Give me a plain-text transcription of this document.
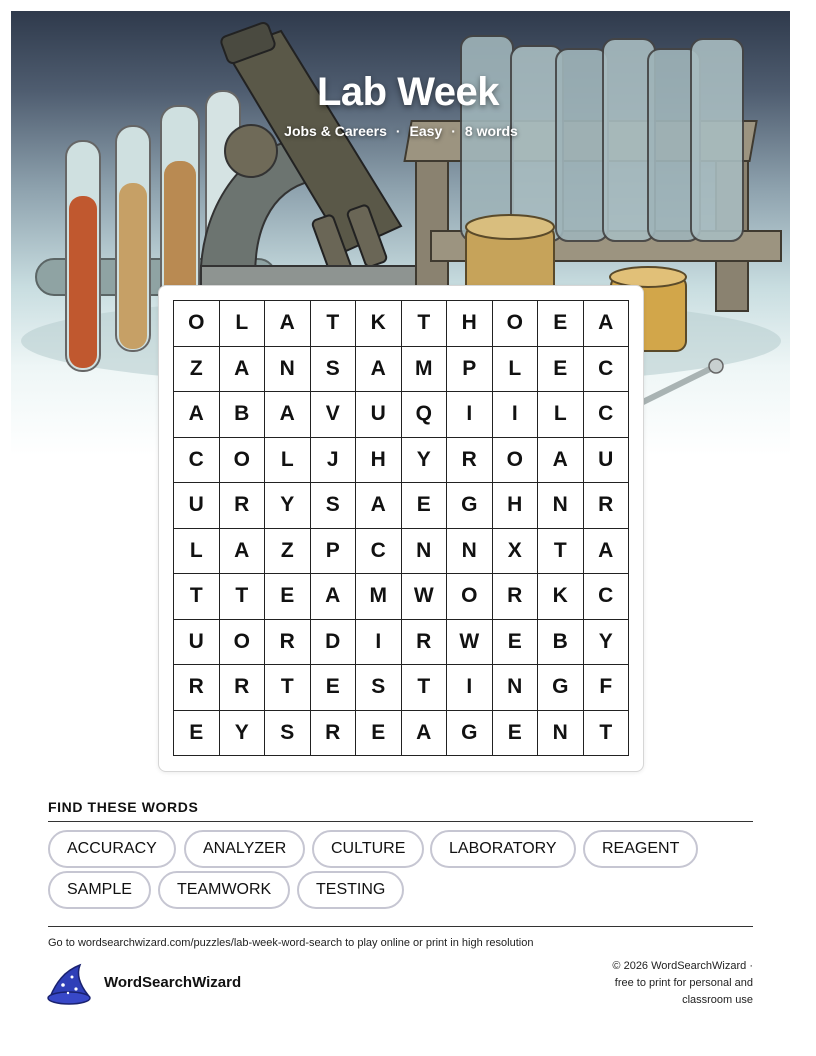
Lab Week
Jobs & Careers · Easy · 8 words
O	L	A	T	K	T	H	O	E	A
Z	A	N	S	A	M	P	L	E	C
A	B	A	V	U	Q	I	I	L	C
C	O	L	J	H	Y	R	O	A	U
U	R	Y	S	A	E	G	H	N	R
L	A	Z	P	C	N	N	X	T	A
T	T	E	A	M	W	O	R	K	C
U	O	R	D	I	R	W	E	B	Y
R	R	T	E	S	T	I	N	G	F
E	Y	S	R	E	A	G	E	N	T
FIND THESE WORDS
ACCURACY	ANALYZER	CULTURE	LABORATORY	REAGENT
SAMPLE	TEAMWORK	TESTING
Go to wordsearchwizard.com/puzzles/lab-week-word-search to play online or print in high resolution
WordSearchWizard
© 2026 WordSearchWizard ·
free to print for personal and
classroom use
